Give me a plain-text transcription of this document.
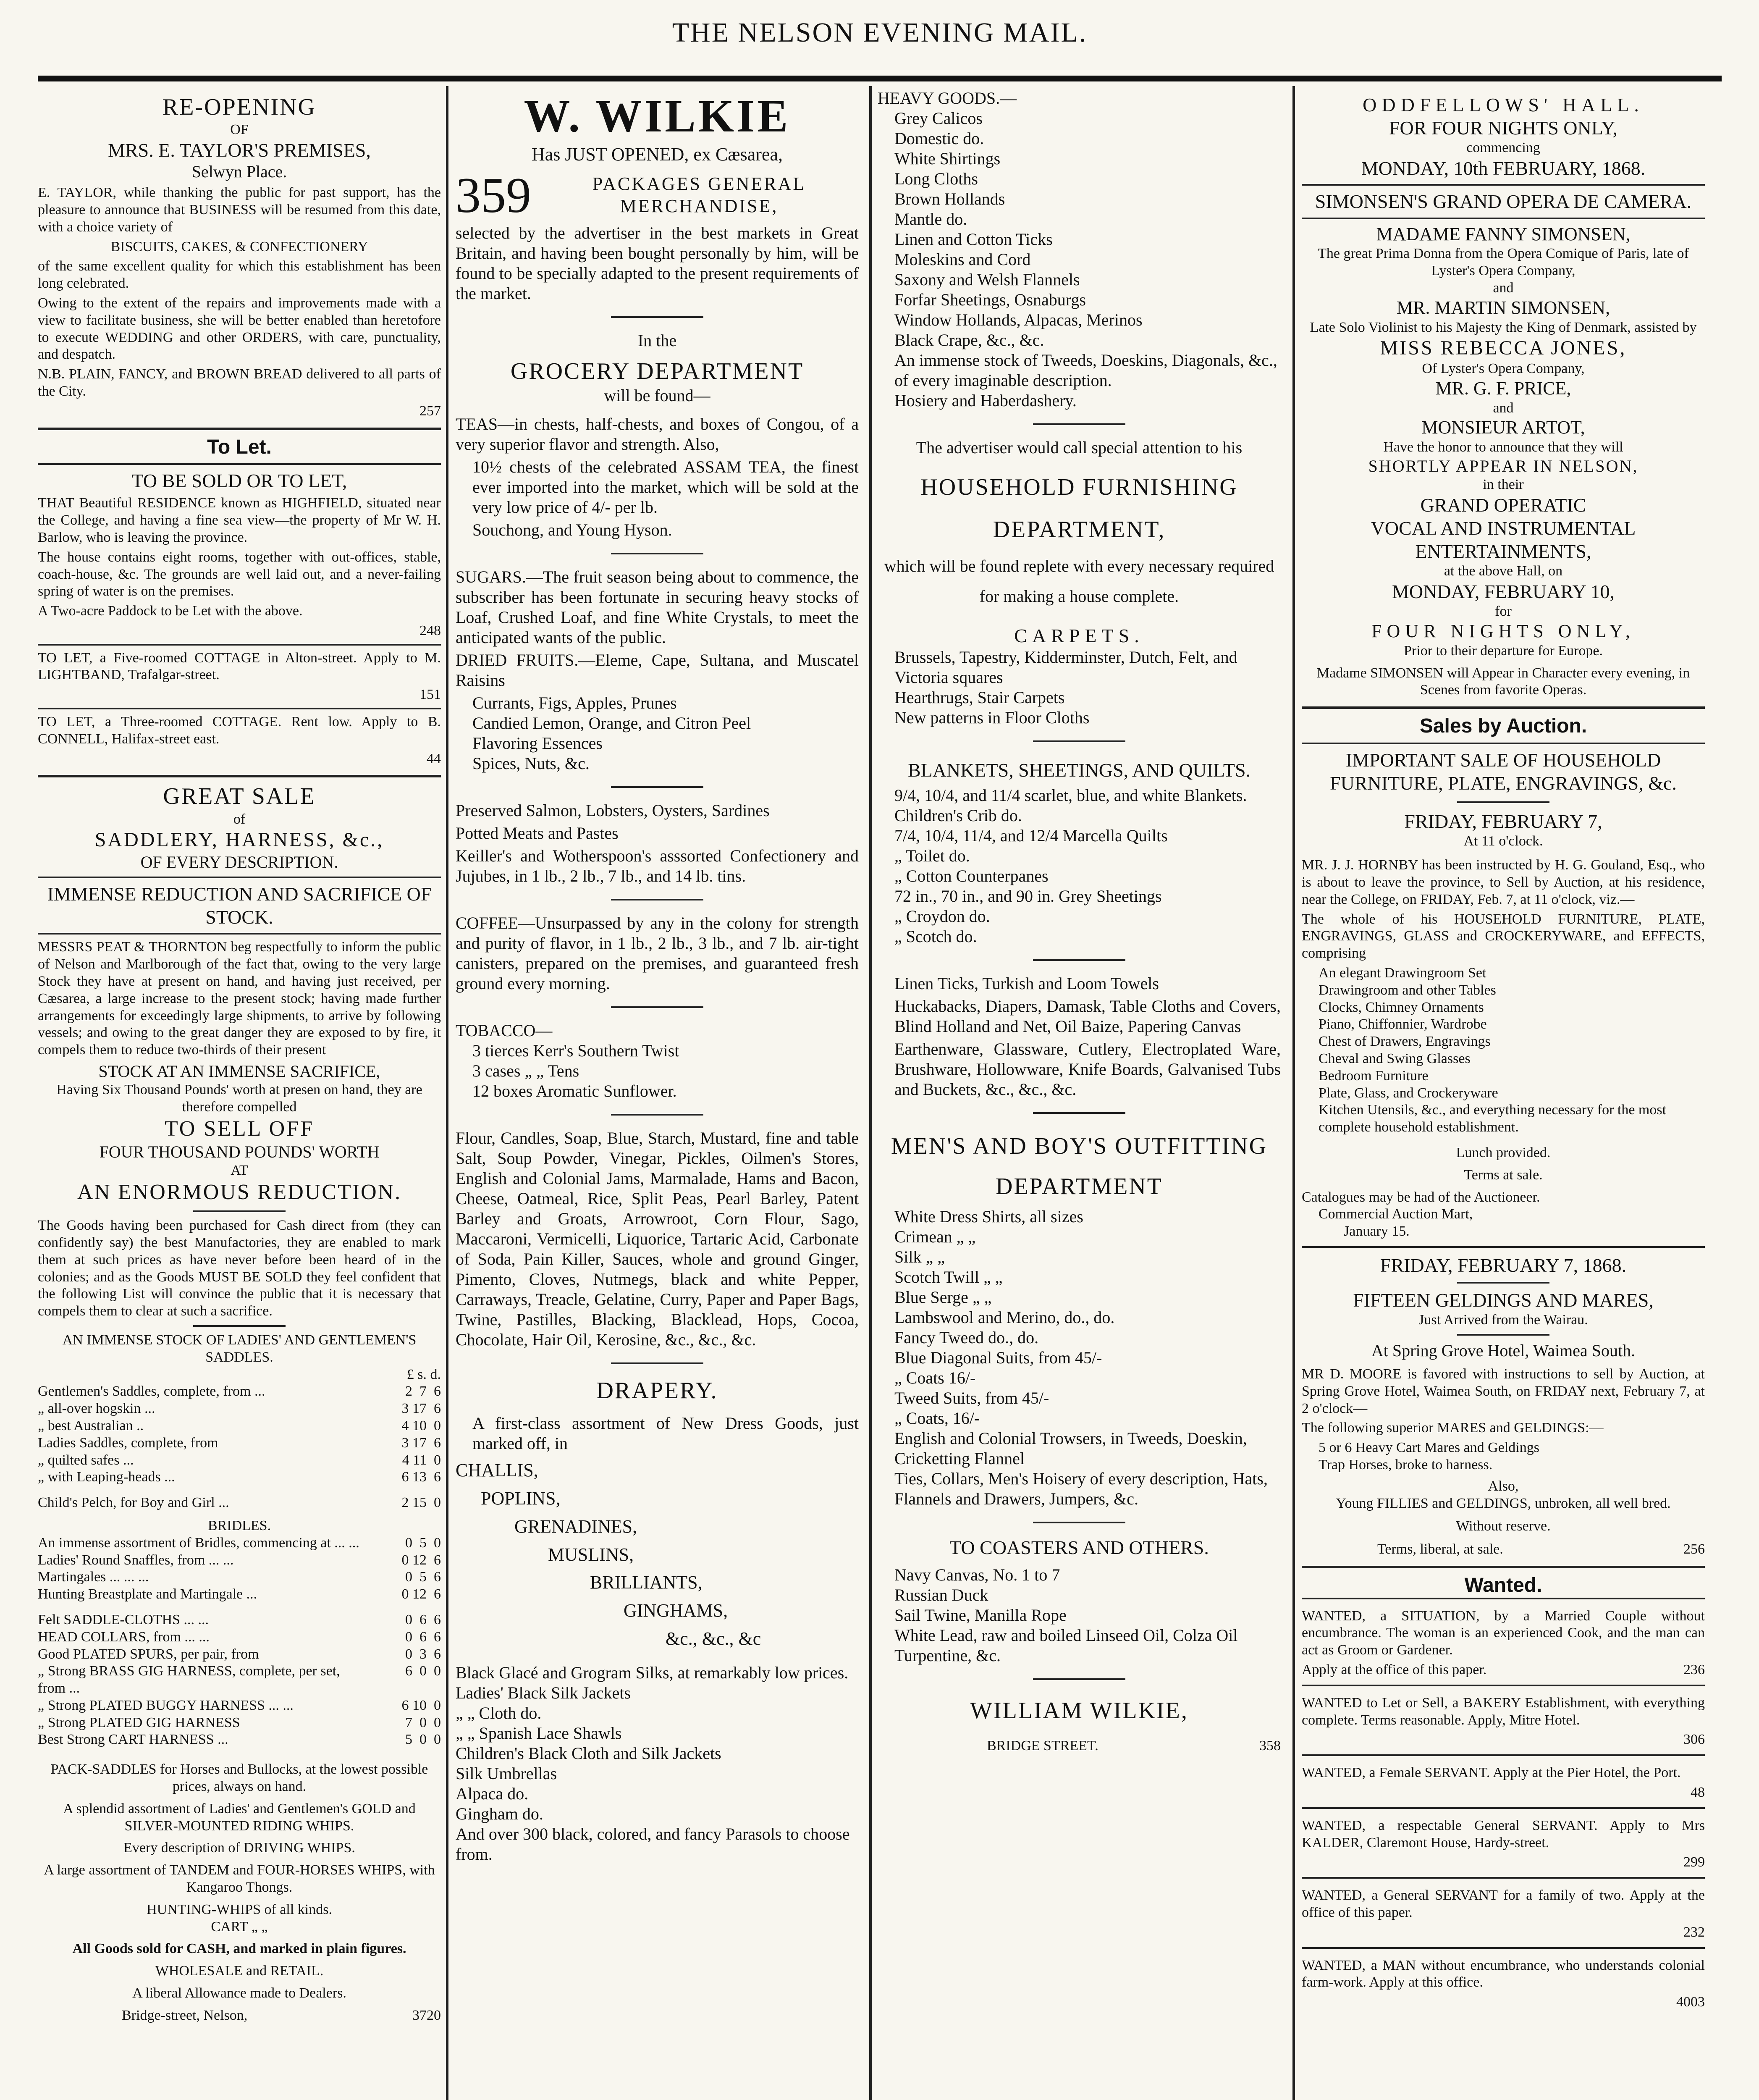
THE NELSON EVENING MAIL.
RE-OPENING
OF
MRS. E. TAYLOR'S PREMISES,
Selwyn Place.
E. TAYLOR, while thanking the public for past support, has the pleasure to announce that BUSINESS will be resumed from this date, with a choice variety of
BISCUITS, CAKES, & CONFECTIONERY
of the same excellent quality for which this establishment has been long celebrated.
Owing to the extent of the repairs and improvements made with a view to facilitate business, she will be better enabled than heretofore to execute WEDDING and other ORDERS, with care, punctuality, and despatch.
N.B. PLAIN, FANCY, and BROWN BREAD delivered to all parts of the City.
257
To Let.
TO BE SOLD OR TO LET,
THAT Beautiful RESIDENCE known as HIGHFIELD, situated near the College, and having a fine sea view—the property of Mr W. H. Barlow, who is leaving the province.
The house contains eight rooms, together with out-offices, stable, coach-house, &c. The grounds are well laid out, and a never-failing spring of water is on the premises.
A Two-acre Paddock to be Let with the above.
248
TO LET, a Five-roomed COTTAGE in Alton-street. Apply to M. LIGHTBAND, Trafalgar-street.
151
TO LET, a Three-roomed COTTAGE. Rent low. Apply to B. CONNELL, Halifax-street east.
44
GREAT SALE
of
SADDLERY, HARNESS, &c.,
OF EVERY DESCRIPTION.
IMMENSE REDUCTION AND SACRIFICE OF STOCK.
MESSRS PEAT & THORNTON beg respectfully to inform the public of Nelson and Marlborough of the fact that, owing to the very large Stock they have at present on hand, and having just received, per Cæsarea, a large increase to the present stock; having made further arrangements for exceedingly large shipments, to arrive by following vessels; and owing to the great danger they are exposed to by fire, it compels them to reduce two-thirds of their present
STOCK AT AN IMMENSE SACRIFICE,
Having Six Thousand Pounds' worth at presen on hand, they are therefore compelled
TO SELL OFF
FOUR THOUSAND POUNDS' WORTH
AT
AN ENORMOUS REDUCTION.
The Goods having been purchased for Cash direct from (they can confidently say) the best Manufactories, they are enabled to mark them at such prices as have never before been heard of in the colonies; and as the Goods MUST BE SOLD they feel confident that the following List will convince the public that it is necessary that compels them to clear at such a sacrifice.
AN IMMENSE STOCK OF LADIES' AND GENTLEMEN'S SADDLES.
£ s. d.
Gentlemen's Saddles, complete, from ...	2  7  6
„ all-over hogskin ...	3 17  6
„ best Australian ..	4 10  0
Ladies Saddles, complete, from	3 17  6
„ quilted safes ...	4 11  0
„ with Leaping-heads ...	6 13  6
Child's Pelch, for Boy and Girl ...	2 15  0
BRIDLES.
An immense assortment of Bridles, commencing at ... ...	0  5  0
Ladies' Round Snaffles, from ... ...	0 12  6
Martingales ... ... ...	0  5  6
Hunting Breastplate and Martingale ...	0 12  6
Felt SADDLE-CLOTHS ... ...	0  6  6
HEAD COLLARS, from ... ...	0  6  6
Good PLATED SPURS, per pair, from	0  3  6
„ Strong BRASS GIG HARNESS, complete, per set, from ...	6  0  0
„ Strong PLATED BUGGY HARNESS ... ...	6 10  0
„ Strong PLATED GIG HARNESS	7  0  0
Best Strong CART HARNESS ...	5  0  0
PACK-SADDLES for Horses and Bullocks, at the lowest possible prices, always on hand.
A splendid assortment of Ladies' and Gentlemen's GOLD and SILVER-MOUNTED RIDING WHIPS.
Every description of DRIVING WHIPS.
A large assortment of TANDEM and FOUR-HORSES WHIPS, with Kangaroo Thongs.
HUNTING-WHIPS of all kinds.
CART „ „
All Goods sold for CASH, and marked in plain figures.
WHOLESALE and RETAIL.
A liberal Allowance made to Dealers.
Bridge-street, Nelson,	3720
W. WILKIE
Has JUST OPENED, ex Cæsarea,
359	PACKAGES GENERAL MERCHANDISE,
selected by the advertiser in the best markets in Great Britain, and having been bought personally by him, will be found to be specially adapted to the present requirements of the market.
In the
GROCERY DEPARTMENT
will be found—
TEAS—in chests, half-chests, and boxes of Congou, of a very superior flavor and strength. Also,
10½ chests of the celebrated ASSAM TEA, the finest ever imported into the market, which will be sold at the very low price of 4/- per lb.
Souchong, and Young Hyson.
SUGARS.—The fruit season being about to commence, the subscriber has been fortunate in securing heavy stocks of Loaf, Crushed Loaf, and fine White Crystals, to meet the anticipated wants of the public.
DRIED FRUITS.—Eleme, Cape, Sultana, and Muscatel Raisins
Currants, Figs, Apples, Prunes
Candied Lemon, Orange, and Citron Peel
Flavoring Essences
Spices, Nuts, &c.
Preserved Salmon, Lobsters, Oysters, Sardines
Potted Meats and Pastes
Keiller's and Wotherspoon's asssorted Confectionery and Jujubes, in 1 lb., 2 lb., 7 lb., and 14 lb. tins.
COFFEE—Unsurpassed by any in the colony for strength and purity of flavor, in 1 lb., 2 lb., 3 lb., and 7 lb. air-tight canisters, prepared on the premises, and guaranteed fresh ground every morning.
TOBACCO—
3 tierces Kerr's Southern Twist
3 cases „ „ Tens
12 boxes Aromatic Sunflower.
Flour, Candles, Soap, Blue, Starch, Mustard, fine and table Salt, Soup Powder, Vinegar, Pickles, Oilmen's Stores, English and Colonial Jams, Marmalade, Hams and Bacon, Cheese, Oatmeal, Rice, Split Peas, Pearl Barley, Patent Barley and Groats, Arrowroot, Corn Flour, Sago, Maccaroni, Vermicelli, Liquorice, Tartaric Acid, Carbonate of Soda, Pain Killer, Sauces, whole and ground Ginger, Pimento, Cloves, Nutmegs, black and white Pepper, Carraways, Treacle, Gelatine, Curry, Paper and Paper Bags, Twine, Pastilles, Blacking, Blacklead, Hops, Cocoa, Chocolate, Hair Oil, Kerosine, &c., &c., &c.
DRAPERY.
A first-class assortment of New Dress Goods, just marked off, in
CHALLIS,
POPLINS,
GRENADINES,
MUSLINS,
BRILLIANTS,
GINGHAMS,
&c., &c., &c
Black Glacé and Grogram Silks, at remarkably low prices.
Ladies' Black Silk Jackets
„ „ Cloth do.
„ „ Spanish Lace Shawls
Children's Black Cloth and Silk Jackets
Silk Umbrellas
Alpaca do.
Gingham do.
And over 300 black, colored, and fancy Parasols to choose from.
HEAVY GOODS.—
Grey Calicos
Domestic do.
White Shirtings
Long Cloths
Brown Hollands
Mantle do.
Linen and Cotton Ticks
Moleskins and Cord
Saxony and Welsh Flannels
Forfar Sheetings, Osnaburgs
Window Hollands, Alpacas, Merinos
Black Crape, &c., &c.
An immense stock of Tweeds, Doeskins, Diagonals, &c., of every imaginable description.
Hosiery and Haberdashery.
The advertiser would call special attention to his
HOUSEHOLD FURNISHING DEPARTMENT,
which will be found replete with every necessary required for making a house complete.
CARPETS.
Brussels, Tapestry, Kidderminster, Dutch, Felt, and Victoria squares
Hearthrugs, Stair Carpets
New patterns in Floor Cloths
BLANKETS, SHEETINGS, AND QUILTS.
9/4, 10/4, and 11/4 scarlet, blue, and white Blankets.
Children's Crib do.
7/4, 10/4, 11/4, and 12/4 Marcella Quilts
„ Toilet do.
„ Cotton Counterpanes
72 in., 70 in., and 90 in. Grey Sheetings
„ Croydon do.
„ Scotch do.
Linen Ticks, Turkish and Loom Towels
Huckabacks, Diapers, Damask, Table Cloths and Covers, Blind Holland and Net, Oil Baize, Papering Canvas
Earthenware, Glassware, Cutlery, Electroplated Ware, Brushware, Hollowware, Knife Boards, Galvanised Tubs and Buckets, &c., &c., &c.
MEN'S AND BOY'S OUTFITTING DEPARTMENT
White Dress Shirts, all sizes
Crimean „ „
Silk „ „
Scotch Twill „ „
Blue Serge „ „
Lambswool and Merino, do., do.
Fancy Tweed do., do.
Blue Diagonal Suits, from 45/-
„ Coats 16/-
Tweed Suits, from 45/-
„ Coats, 16/-
English and Colonial Trowsers, in Tweeds, Doeskin, Cricketting Flannel
Ties, Collars, Men's Hoisery of every description, Hats, Flannels and Drawers, Jumpers, &c.
TO COASTERS AND OTHERS.
Navy Canvas, No. 1 to 7
Russian Duck
Sail Twine, Manilla Rope
White Lead, raw and boiled Linseed Oil, Colza Oil
Turpentine, &c.
WILLIAM WILKIE,
BRIDGE STREET.	358
ODDFELLOWS' HALL.
FOR FOUR NIGHTS ONLY,
commencing
MONDAY, 10th FEBRUARY, 1868.
SIMONSEN'S GRAND OPERA DE CAMERA.
MADAME FANNY SIMONSEN,
The great Prima Donna from the Opera Comique of Paris, late of Lyster's Opera Company,
and
MR. MARTIN SIMONSEN,
Late Solo Violinist to his Majesty the King of Denmark, assisted by
MISS REBECCA JONES,
Of Lyster's Opera Company,
MR. G. F. PRICE,
and
MONSIEUR ARTOT,
Have the honor to announce that they will
SHORTLY APPEAR IN NELSON,
in their
GRAND OPERATIC
VOCAL AND INSTRUMENTAL
ENTERTAINMENTS,
at the above Hall, on
MONDAY, FEBRUARY 10,
for
FOUR NIGHTS ONLY,
Prior to their departure for Europe.
Madame SIMONSEN will Appear in Character every evening, in Scenes from favorite Operas.
Sales by Auction.
IMPORTANT SALE OF HOUSEHOLD FURNITURE, PLATE, ENGRAVINGS, &c.
FRIDAY, FEBRUARY 7,
At 11 o'clock.
MR. J. J. HORNBY has been instructed by H. G. Gouland, Esq., who is about to leave the province, to Sell by Auction, at his residence, near the College, on FRIDAY, Feb. 7, at 11 o'clock, viz.—
The whole of his HOUSEHOLD FURNITURE, PLATE, ENGRAVINGS, GLASS and CROCKERYWARE, and EFFECTS, comprising
An elegant Drawingroom Set
Drawingroom and other Tables
Clocks, Chimney Ornaments
Piano, Chiffonnier, Wardrobe
Chest of Drawers, Engravings
Cheval and Swing Glasses
Bedroom Furniture
Plate, Glass, and Crockeryware
Kitchen Utensils, &c., and everything necessary for the most complete household establishment.
Lunch provided.
Terms at sale.
Catalogues may be had of the Auctioneer.
Commercial Auction Mart,
January 15.
FRIDAY, FEBRUARY 7, 1868.
FIFTEEN GELDINGS AND MARES,
Just Arrived from the Wairau.
At Spring Grove Hotel, Waimea South.
MR D. MOORE is favored with instructions to sell by Auction, at Spring Grove Hotel, Waimea South, on FRIDAY next, February 7, at 2 o'clock—
The following superior MARES and GELDINGS:—
5 or 6 Heavy Cart Mares and Geldings
Trap Horses, broke to harness.
Also,
Young FILLIES and GELDINGS, unbroken, all well bred.
Without reserve.
Terms, liberal, at sale.	256
Wanted.
WANTED, a SITUATION, by a Married Couple without encumbrance. The woman is an experienced Cook, and the man can act as Groom or Gardener.
Apply at the office of this paper.	236
WANTED to Let or Sell, a BAKERY Establishment, with everything complete. Terms reasonable. Apply, Mitre Hotel.
306
WANTED, a Female SERVANT. Apply at the Pier Hotel, the Port.
48
WANTED, a respectable General SERVANT. Apply to Mrs KALDER, Claremont House, Hardy-street.
299
WANTED, a General SERVANT for a family of two. Apply at the office of this paper.
232
WANTED, a MAN without encumbrance, who understands colonial farm-work. Apply at this office.
4003
